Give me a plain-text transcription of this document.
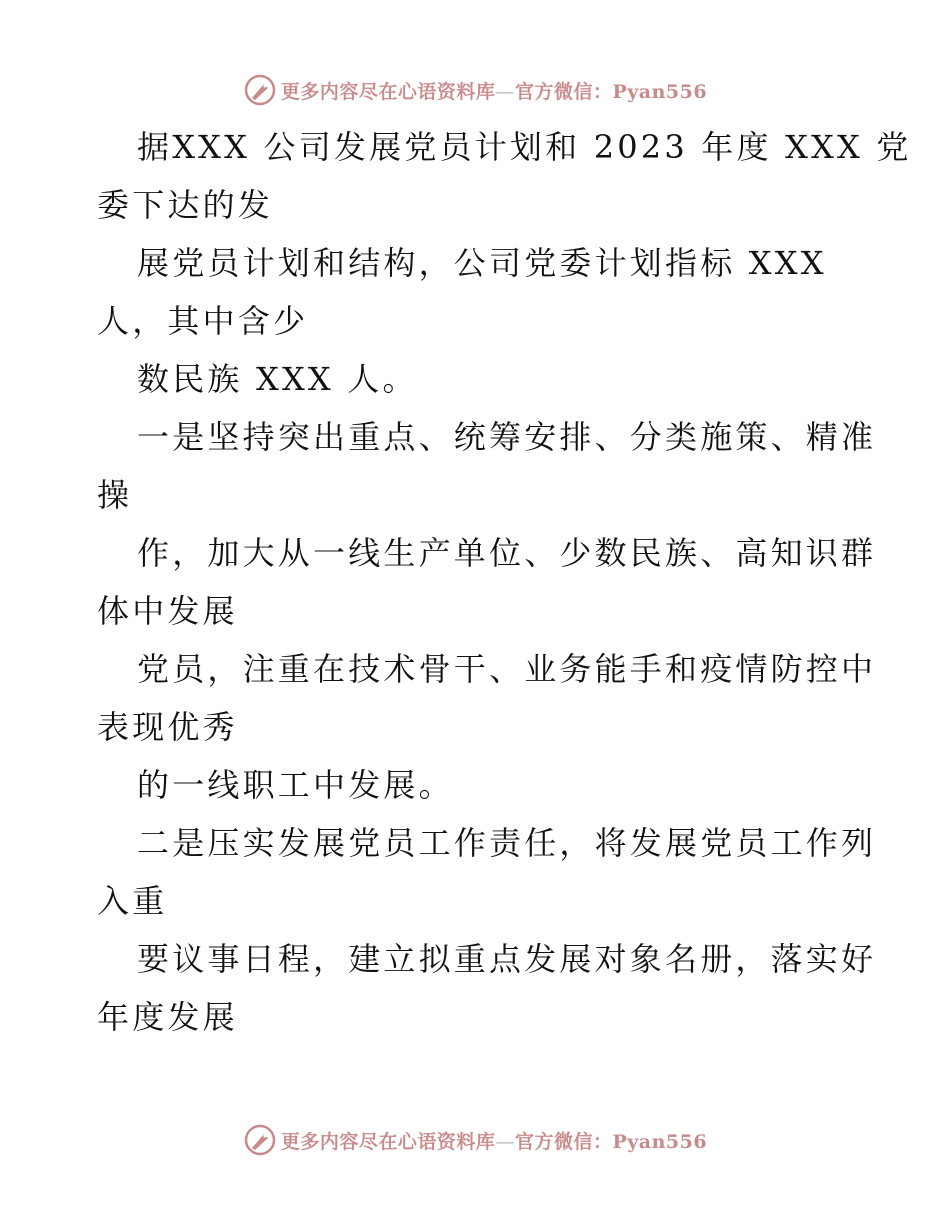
更多内容尽在心语资料库—官方微信：Pyan556
据XXX 公司发展党员计划和 2023 年度 XXX 党
委下达的发
展党员计划和结构，公司党委计划指标 XXX
人，其中含少
数民族 XXX 人。
一是坚持突出重点、统筹安排、分类施策、精准
操
作，加大从一线生产单位、少数民族、高知识群
体中发展
党员，注重在技术骨干、业务能手和疫情防控中
表现优秀
的一线职工中发展。
二是压实发展党员工作责任，将发展党员工作列
入重
要议事日程，建立拟重点发展对象名册，落实好
年度发展
更多内容尽在心语资料库—官方微信：Pyan556
